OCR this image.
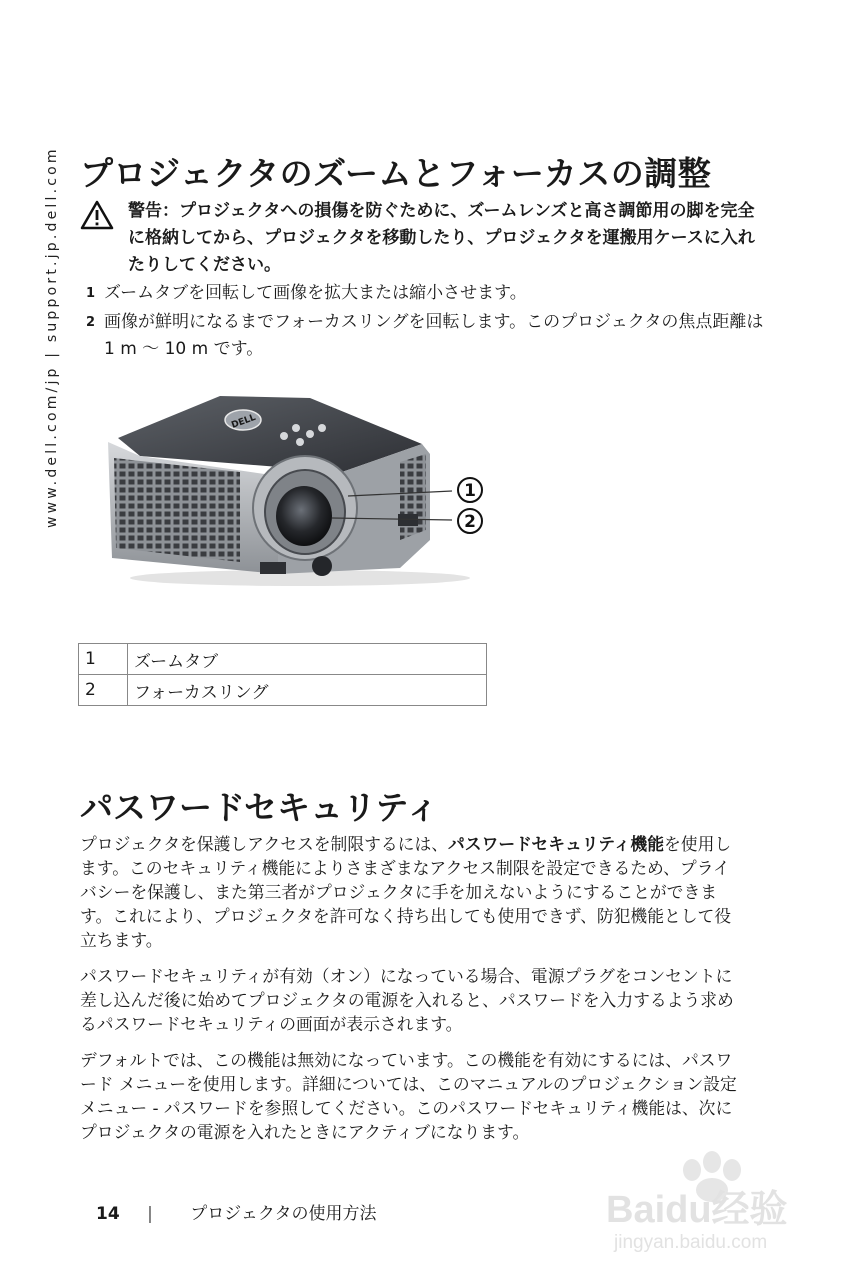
www.dell.com/jp | support.jp.dell.com プロジェクタのズームとフォーカスの調整
警告：プロジェクタへの損傷を防ぐために、ズームレンズと高さ調節用の脚を完全に格納してから、プロジェクタを移動したり、プロジェクタを運搬用ケースに入れたりしてください。
1 ズームタブを回転して画像を拡大または縮小させます。
2 画像が鮮明になるまでフォーカスリングを回転します。このプロジェクタの焦点距離は 1 m 〜 10 m です。
DELL
1
2
1	ズームタブ
2	フォーカスリング
パスワードセキュリティ

プロジェクタを保護しアクセスを制限するには、パスワードセキュリティ機能を使用します。このセキュリティ機能によりさまざまなアクセス制限を設定できるため、プライバシーを保護し、また第三者がプロジェクタに手を加えないようにすることができます。これにより、プロジェクタを許可なく持ち出しても使用できず、防犯機能として役立ちます。

パスワードセキュリティが有効（オン）になっている場合、電源プラグをコンセントに差し込んだ後に始めてプロジェクタの電源を入れると、パスワードを入力するよう求めるパスワードセキュリティの画面が表示されます。

デフォルトでは、この機能は無効になっています。この機能を有効にするには、パスワード メニューを使用します。詳細については、このマニュアルのプロジェクション設定メニュー - パスワードを参照してください。このパスワードセキュリティ機能は、次にプロジェクタの電源を入れたときにアクティブになります。

14 | プロジェクタの使用方法	Baidu经验
jingyan.baidu.com
